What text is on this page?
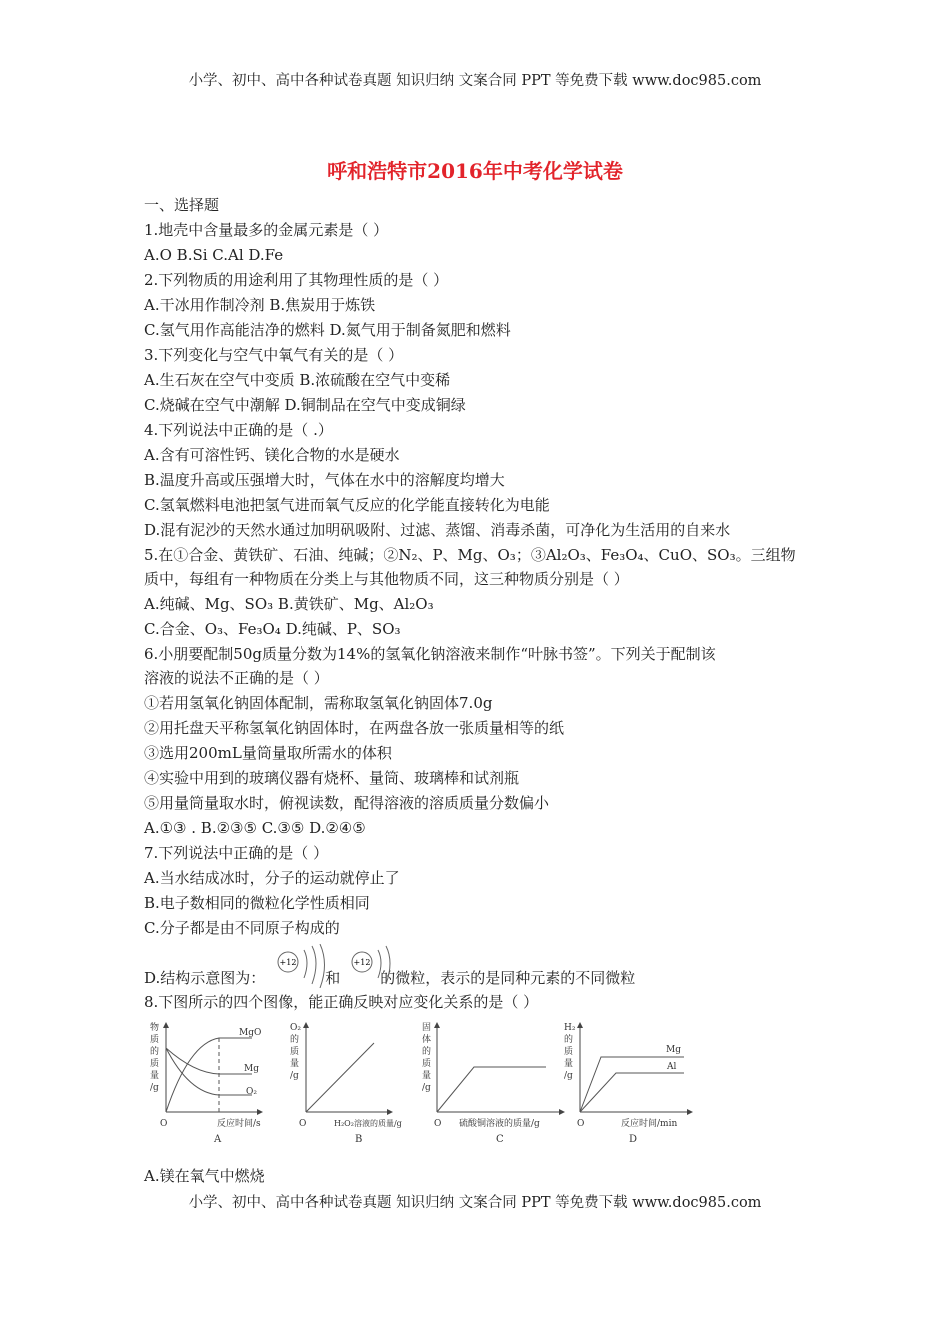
小学、初中、高中各种试卷真题 知识归纳 文案合同 PPT 等免费下载 www.doc985.com
呼和浩特市2016年中考化学试卷
一、选择题
1.地壳中含量最多的金属元素是（ ）
A.O B.Si C.Al D.Fe
2.下列物质的用途利用了其物理性质的是（ ）
A.干冰用作制冷剂 B.焦炭用于炼铁
C.氢气用作高能洁净的燃料 D.氮气用于制备氮肥和燃料
3.下列变化与空气中氧气有关的是（ ）
A.生石灰在空气中变质 B.浓硫酸在空气中变稀
C.烧碱在空气中潮解 D.铜制品在空气中变成铜绿
4.下列说法中正确的是（ .）
A.含有可溶性钙、镁化合物的水是硬水
B.温度升高或压强增大时，气体在水中的溶解度均增大
C.氢氧燃料电池把氢气进而氧气反应的化学能直接转化为电能
D.混有泥沙的天然水通过加明矾吸附、过滤、蒸馏、消毒杀菌，可净化为生活用的自来水
5.在①合金、黄铁矿、石油、纯碱；②N₂、P、Mg、O₃；③Al₂O₃、Fe₃O₄、CuO、SO₃。三组物
质中，每组有一种物质在分类上与其他物质不同，这三种物质分别是（ ）
A.纯碱、Mg、SO₃ B.黄铁矿、Mg、Al₂O₃
C.合金、O₃、Fe₃O₄ D.纯碱、P、SO₃
6.小朋要配制50g质量分数为14%的氢氧化钠溶液来制作“叶脉书签”。下列关于配制该
溶液的说法不正确的是（ ）
①若用氢氧化钠固体配制，需称取氢氧化钠固体7.0g
②用托盘天平称氢氧化钠固体时，在两盘各放一张质量相等的纸
③选用200mL量筒量取所需水的体积
④实验中用到的玻璃仪器有烧杯、量筒、玻璃棒和试剂瓶
⑤用量筒量取水时，俯视读数，配得溶液的溶质质量分数偏小
A.①③ . B.②③⑤ C.③⑤ D.②④⑤
7.下列说法中正确的是（ ）
A.当水结成冰时，分子的运动就停止了
B.电子数相同的微粒化学性质相同
C.分子都是由不同原子构成的
D.结构示意图为：	和	的微粒，表示的是同种元素的不同微粒
+12	+12
8.下图所示的四个图像，能正确反映对应变化关系的是（ ）
MgO
Mg
O₂
物
质
的
质
量
/g
O	反应时间/s
A
O₂
的
质
量
/g
O	H₂O₂溶液的质量/g
B
固
体
的
质
量
/g
O 硫酸铜溶液的质量/g
C
Mg
Al
H₂
的
质
量
/g
O	反应时间/min
D
A.镁在氧气中燃烧
小学、初中、高中各种试卷真题 知识归纳 文案合同 PPT 等免费下载 www.doc985.com
